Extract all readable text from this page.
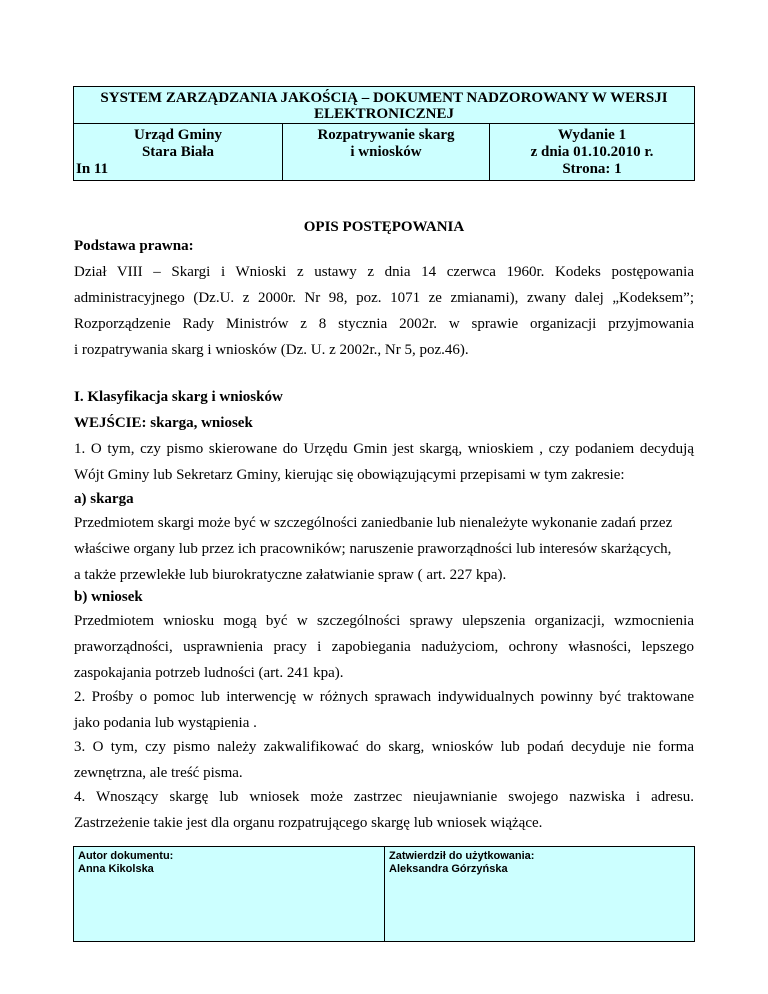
SYSTEM ZARZĄDZANIA JAKOŚCIĄ – DOKUMENT NADZOROWANY W WERSJI
ELEKTRONICZNEJ

Urząd Gminy
Stara Biała
In 11

Rozpatrywanie skarg
i wniosków

Wydanie 1
z dnia 01.10.2010 r.
Strona: 1
OPIS POSTĘPOWANIA
Podstawa prawna:
Dział VIII – Skargi i Wnioski z ustawy z dnia 14 czerwca 1960r. Kodeks postępowania
administracyjnego (Dz.U. z 2000r. Nr 98, poz. 1071 ze zmianami), zwany dalej „Kodeksem”;
Rozporządzenie Rady Ministrów z 8 stycznia 2002r. w sprawie organizacji przyjmowania
i rozpatrywania skarg i wniosków (Dz. U. z 2002r., Nr 5, poz.46).
I. Klasyfikacja skarg i wniosków
WEJŚCIE: skarga, wniosek
1. O tym, czy pismo skierowane do Urzędu Gmin jest skargą, wnioskiem , czy podaniem decydują
Wójt Gminy lub Sekretarz Gminy, kierując się obowiązującymi przepisami w tym zakresie:
a) skarga
Przedmiotem skargi może być w szczególności zaniedbanie lub nienależyte wykonanie zadań przez
właściwe organy lub przez ich pracowników; naruszenie praworządności lub interesów skarżących,
a także przewlekłe lub biurokratyczne załatwianie spraw ( art. 227 kpa).
b) wniosek
Przedmiotem wniosku mogą być w szczególności sprawy ulepszenia organizacji, wzmocnienia
praworządności, usprawnienia pracy i zapobiegania nadużyciom, ochrony własności, lepszego
zaspokajania potrzeb ludności (art. 241 kpa).
2. Prośby o pomoc lub interwencję w różnych sprawach indywidualnych powinny być traktowane
jako podania lub wystąpienia .
3. O tym, czy pismo należy zakwalifikować do skarg, wniosków lub podań decyduje nie forma
zewnętrzna, ale treść pisma.
4. Wnoszący skargę lub wniosek może zastrzec nieujawnianie swojego nazwiska i adresu.
Zastrzeżenie takie jest dla organu rozpatrującego skargę lub wniosek wiążące.
Autor dokumentu:
Anna Kikolska

Zatwierdził do użytkowania:
Aleksandra Górzyńska
